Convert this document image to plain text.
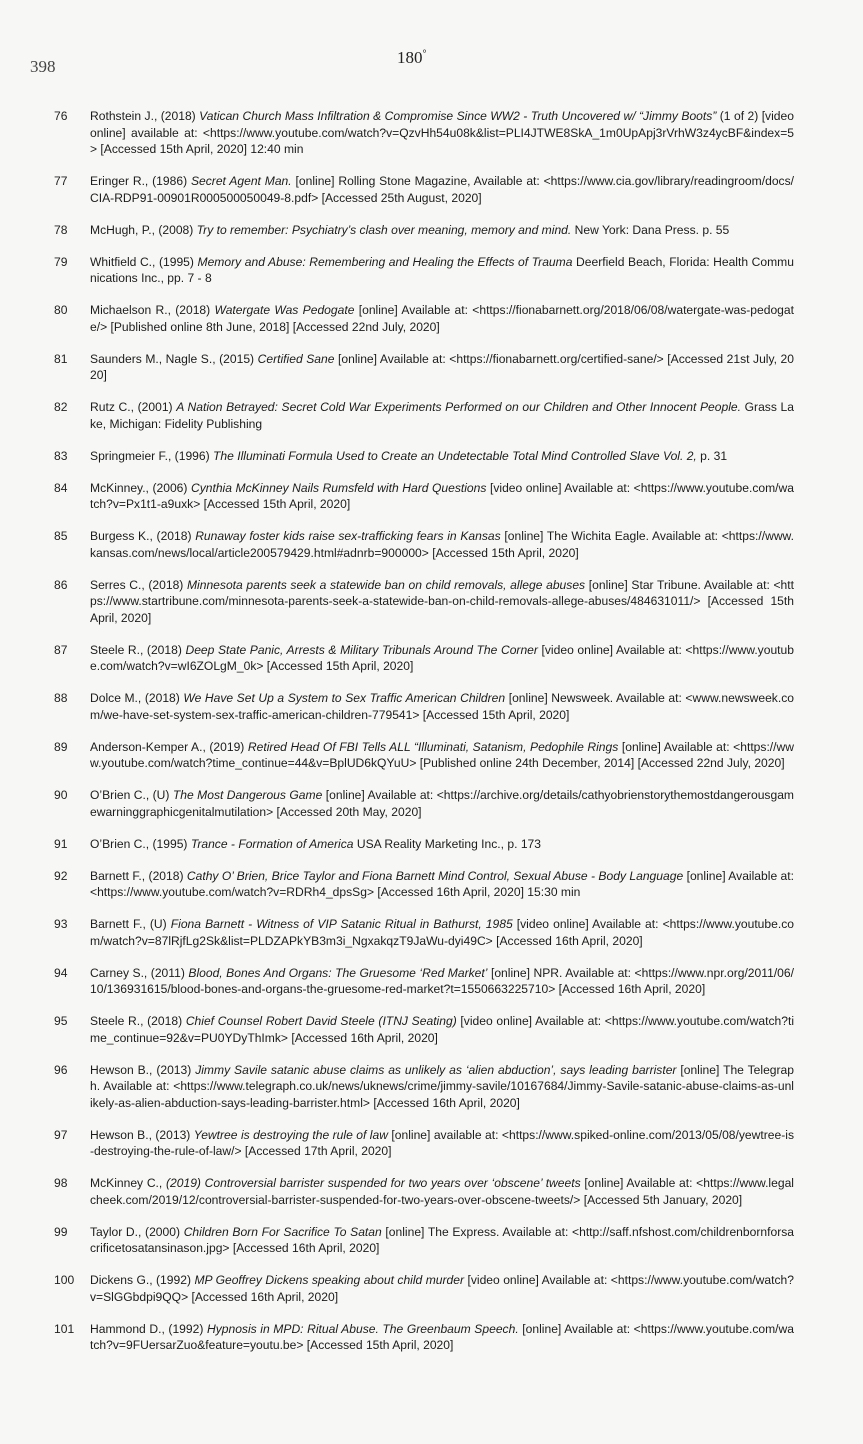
398	180°
76	Rothstein J., (2018) Vatican Church Mass Infiltration & Compromise Since WW2 - Truth Uncovered w/ “Jimmy Boots” (1 of 2) [video online] available at: <https://www.youtube.com/watch?v=QzvHh54u08k&list=PLI4JTWE8SkA_1m0UpApj3rVrhW3z4ycBF&index=5> [Accessed 15th April, 2020] 12:40 min
77	Eringer R., (1986) Secret Agent Man. [online] Rolling Stone Magazine, Available at: <https://www.cia.gov/library/readingroom/docs/CIA-RDP91-00901R000500050049-8.pdf> [Accessed 25th August, 2020]
78	McHugh, P., (2008) Try to remember: Psychiatry’s clash over meaning, memory and mind. New York: Dana Press. p. 55
79	Whitfield C., (1995) Memory and Abuse: Remembering and Healing the Effects of Trauma Deerfield Beach, Florida: Health Communications Inc., pp. 7 - 8
80	Michaelson R., (2018) Watergate Was Pedogate [online] Available at: <https://fionabarnett.org/2018/06/08/watergate-was-pedogate/> [Published online 8th June, 2018] [Accessed 22nd July, 2020]
81	Saunders M., Nagle S., (2015) Certified Sane [online] Available at: <https://fionabarnett.org/certified-sane/> [Accessed 21st July, 2020]
82	Rutz C., (2001) A Nation Betrayed: Secret Cold War Experiments Performed on our Children and Other Innocent People. Grass Lake, Michigan: Fidelity Publishing
83	Springmeier F., (1996) The Illuminati Formula Used to Create an Undetectable Total Mind Controlled Slave Vol. 2, p. 31
84	McKinney., (2006) Cynthia McKinney Nails Rumsfeld with Hard Questions [video online] Available at: <https://www.youtube.com/watch?v=Px1t1-a9uxk> [Accessed 15th April, 2020]
85	Burgess K., (2018) Runaway foster kids raise sex-trafficking fears in Kansas [online] The Wichita Eagle. Available at: <https://www.kansas.com/news/local/article200579429.html#adnrb=900000> [Accessed 15th April, 2020]
86	Serres C., (2018) Minnesota parents seek a statewide ban on child removals, allege abuses [online] Star Tribune. Available at: <https://www.startribune.com/minnesota-parents-seek-a-statewide-ban-on-child-removals-allege-abuses/484631011/> [Accessed 15th April, 2020]
87	Steele R., (2018) Deep State Panic, Arrests & Military Tribunals Around The Corner [video online] Available at: <https://www.youtube.com/watch?v=wI6ZOLgM_0k> [Accessed 15th April, 2020]
88	Dolce M., (2018) We Have Set Up a System to Sex Traffic American Children [online] Newsweek. Available at: <www.newsweek.com/we-have-set-system-sex-traffic-american-children-779541> [Accessed 15th April, 2020]
89	Anderson-Kemper A., (2019) Retired Head Of FBI Tells ALL “Illuminati, Satanism, Pedophile Rings [online] Available at: <https://www.youtube.com/watch?time_continue=44&v=BplUD6kQYuU> [Published online 24th December, 2014] [Accessed 22nd July, 2020]
90	O’Brien C., (U) The Most Dangerous Game [online] Available at: <https://archive.org/details/cathyobrienstorythemostdangerousgamewarninggraphicgenitalmutilation> [Accessed 20th May, 2020]
91	O’Brien C., (1995) Trance - Formation of America USA Reality Marketing Inc., p. 173
92	Barnett F., (2018) Cathy O’ Brien, Brice Taylor and Fiona Barnett Mind Control, Sexual Abuse - Body Language [online] Available at:<https://www.youtube.com/watch?v=RDRh4_dpsSg> [Accessed 16th April, 2020] 15:30 min
93	Barnett F., (U) Fiona Barnett - Witness of VIP Satanic Ritual in Bathurst, 1985 [video online] Available at: <https://www.youtube.com/watch?v=87lRjfLg2Sk&list=PLDZAPkYB3m3i_NgxakqzT9JaWu-dyi49C> [Accessed 16th April, 2020]
94	Carney S., (2011) Blood, Bones And Organs: The Gruesome ‘Red Market’ [online] NPR. Available at: <https://www.npr.org/2011/06/10/136931615/blood-bones-and-organs-the-gruesome-red-market?t=1550663225710> [Accessed 16th April, 2020]
95	Steele R., (2018) Chief Counsel Robert David Steele (ITNJ Seating) [video online] Available at: <https://www.youtube.com/watch?time_continue=92&v=PU0YDyThImk> [Accessed 16th April, 2020]
96	Hewson B., (2013) Jimmy Savile satanic abuse claims as unlikely as ‘alien abduction’, says leading barrister [online] The Telegraph. Available at: <https://www.telegraph.co.uk/news/uknews/crime/jimmy-savile/10167684/Jimmy-Savile-satanic-abuse-claims-as-unlikely-as-alien-abduction-says-leading-barrister.html> [Accessed 16th April, 2020]
97	Hewson B., (2013) Yewtree is destroying the rule of law [online] available at: <https://www.spiked-online.com/2013/05/08/yewtree-is-destroying-the-rule-of-law/> [Accessed 17th April, 2020]
98	McKinney C., (2019) Controversial barrister suspended for two years over ‘obscene’ tweets [online] Available at: <https://www.legalcheek.com/2019/12/controversial-barrister-suspended-for-two-years-over-obscene-tweets/> [Accessed 5th January, 2020]
99	Taylor D., (2000) Children Born For Sacrifice To Satan [online] The Express. Available at: <http://saff.nfshost.com/childrenbornforsacrificetosatansinason.jpg> [Accessed 16th April, 2020]
100	Dickens G., (1992) MP Geoffrey Dickens speaking about child murder [video online] Available at: <https://www.youtube.com/watch?v=SlGGbdpi9QQ> [Accessed 16th April, 2020]
101	Hammond D., (1992) Hypnosis in MPD: Ritual Abuse. The Greenbaum Speech. [online] Available at: <https://www.youtube.com/watch?v=9FUersarZuo&feature=youtu.be> [Accessed 15th April, 2020]
